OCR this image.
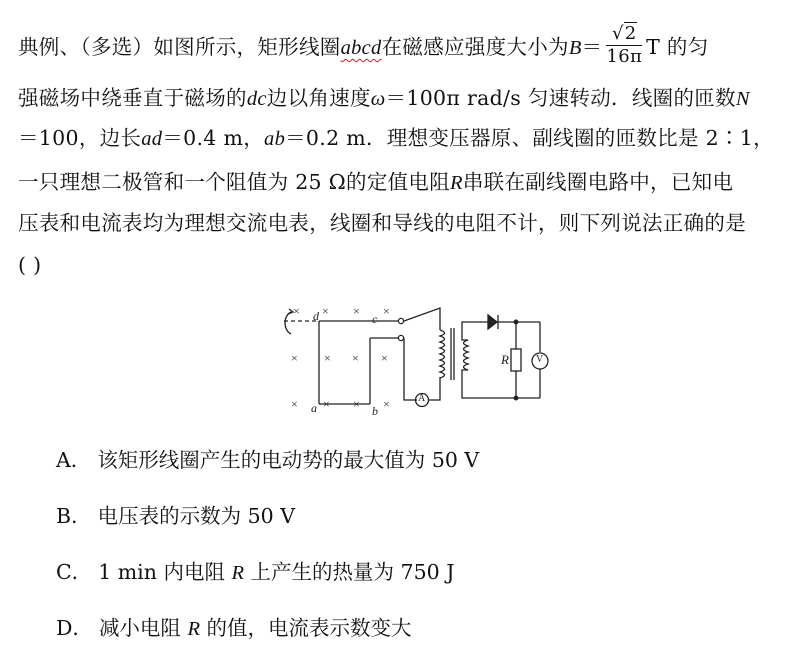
典例、（多选）如图所示，矩形线圈abcd在磁感应强度大小为$B= \frac{√2}{16\pi}$ T 的匀
强磁场中绕垂直于磁场的dc边以角速度ω＝100π rad/s 匀速转动．线圈的匝数N
＝100，边长ad＝0.4 m，ab＝0.2 m．理想变压器原、副线圈的匝数比是 2∶1，
一只理想二极管和一个阻值为 25 Ω的定值电阻R串联在副线圈电路中，已知电
压表和电流表均为理想交流电表，线圈和导线的电阻不计，则下列说法正确的是
( )
d	c
a	b
R	V
A
× × × ×
× × × ×
× × × ×
A． 该矩形线圈产生的电动势的最大值为 50 V
B． 电压表的示数为 50 V
C． 1 min 内电阻 R 上产生的热量为 750 J
D． 减小电阻 R 的值，电流表示数变大
